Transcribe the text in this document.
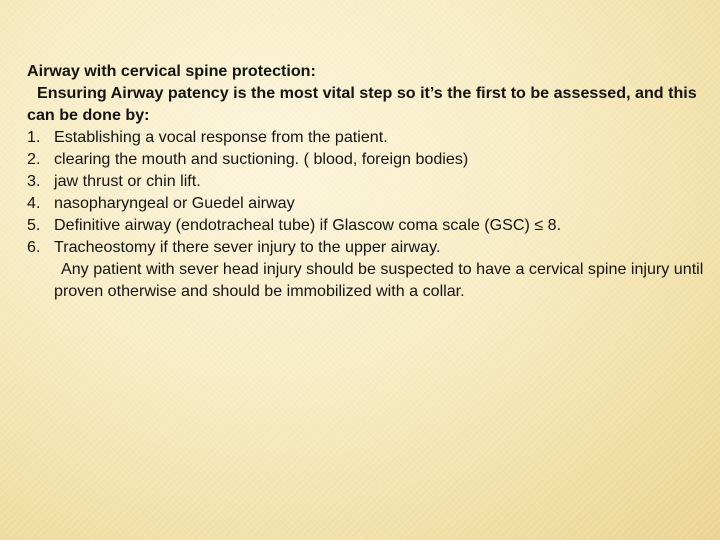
Airway with cervical spine protection:

Ensuring Airway patency is the most vital step so it’s the first to be assessed, and this can be done by:

1. Establishing a vocal response from the patient.
2. clearing the mouth and suctioning. ( blood, foreign bodies)
3. jaw thrust or chin lift.
4. nasopharyngeal or Guedel airway
5. Definitive airway (endotracheal tube) if Glascow coma scale (GSC) ≤ 8.
6. Tracheostomy if there sever injury to the upper airway.

Any patient with sever head injury should be suspected to have a cervical spine injury until proven otherwise and should be immobilized with a collar.
